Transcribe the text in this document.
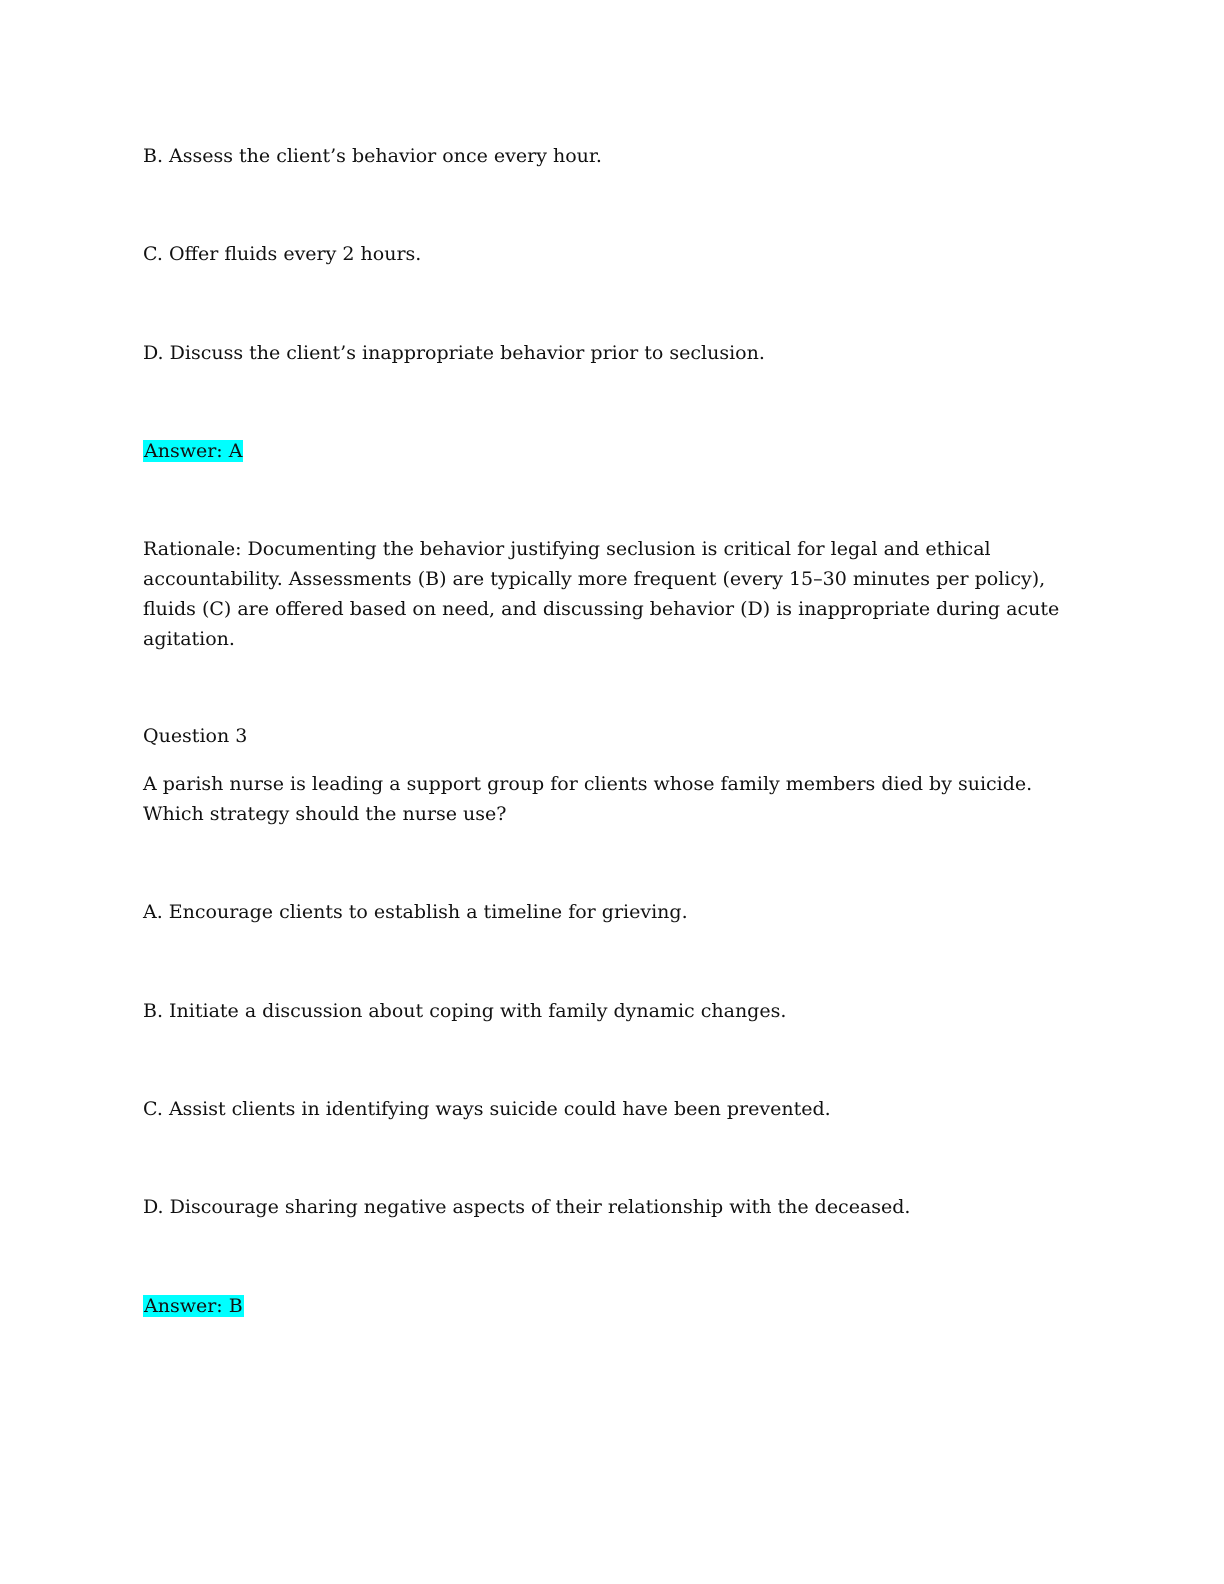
B. Assess the client’s behavior once every hour.
C. Offer fluids every 2 hours.
D. Discuss the client’s inappropriate behavior prior to seclusion.
Answer: A
Rationale: Documenting the behavior justifying seclusion is critical for legal and ethical accountability. Assessments (B) are typically more frequent (every 15–30 minutes per policy), fluids (C) are offered based on need, and discussing behavior (D) is inappropriate during acute agitation.
Question 3
A parish nurse is leading a support group for clients whose family members died by suicide. Which strategy should the nurse use?
A. Encourage clients to establish a timeline for grieving.
B. Initiate a discussion about coping with family dynamic changes.
C. Assist clients in identifying ways suicide could have been prevented.
D. Discourage sharing negative aspects of their relationship with the deceased.
Answer: B
